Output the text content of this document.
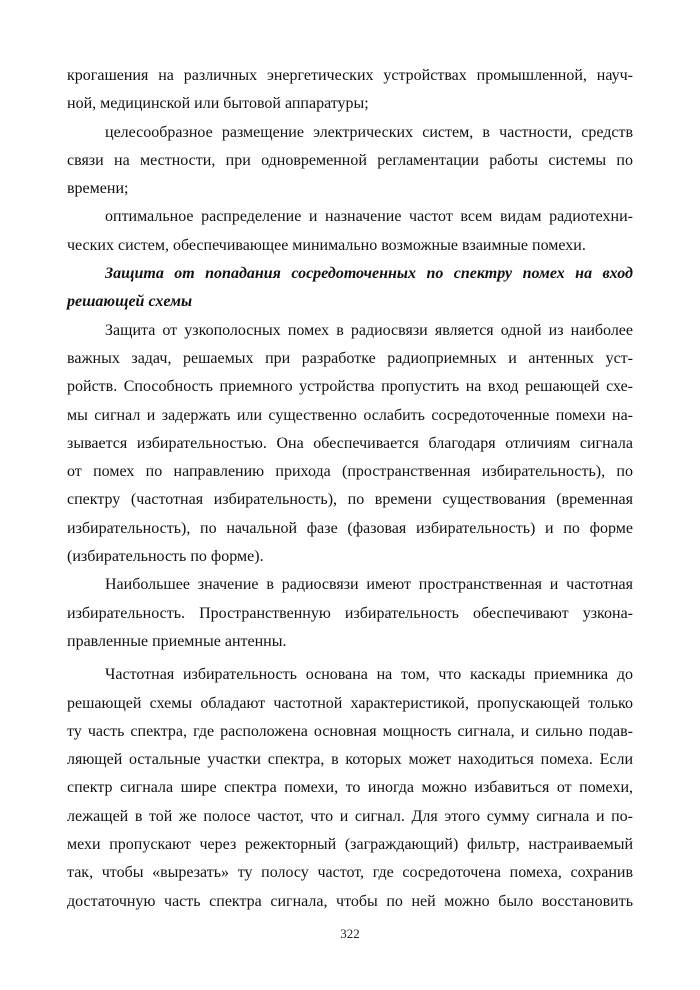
крогашения на различных энергетических устройствах промышленной, науч-
ной, медицинской или бытовой аппаратуры;
целесообразное размещение электрических систем, в частности, средств
связи на местности, при одновременной регламентации работы системы по
времени;
оптимальное распределение и назначение частот всем видам радиотехни-
ческих систем, обеспечивающее минимально возможные взаимные помехи.
Защита от попадания сосредоточенных по спектру помех на вход
решающей схемы
Защита от узкополосных помех в радиосвязи является одной из наиболее
важных задач, решаемых при разработке радиоприемных и антенных уст-
ройств. Способность приемного устройства пропустить на вход решающей схе-
мы сигнал и задержать или существенно ослабить сосредоточенные помехи на-
зывается избирательностью. Она обеспечивается благодаря отличиям сигнала
от помех по направлению прихода (пространственная избирательность), по
спектру (частотная избирательность), по времени существования (временная
избирательность), по начальной фазе (фазовая избирательность) и по форме
(избирательность по форме).
Наибольшее значение в радиосвязи имеют пространственная и частотная
избирательность. Пространственную избирательность обеспечивают узкона-
правленные приемные антенны.
Частотная избирательность основана на том, что каскады приемника до
решающей схемы обладают частотной характеристикой, пропускающей только
ту часть спектра, где расположена основная мощность сигнала, и сильно подав-
ляющей остальные участки спектра, в которых может находиться помеха. Если
спектр сигнала шире спектра помехи, то иногда можно избавиться от помехи,
лежащей в той же полосе частот, что и сигнал. Для этого сумму сигнала и по-
мехи пропускают через режекторный (заграждающий) фильтр, настраиваемый
так, чтобы «вырезать» ту полосу частот, где сосредоточена помеха, сохранив
достаточную часть спектра сигнала, чтобы по ней можно было восстановить
322
